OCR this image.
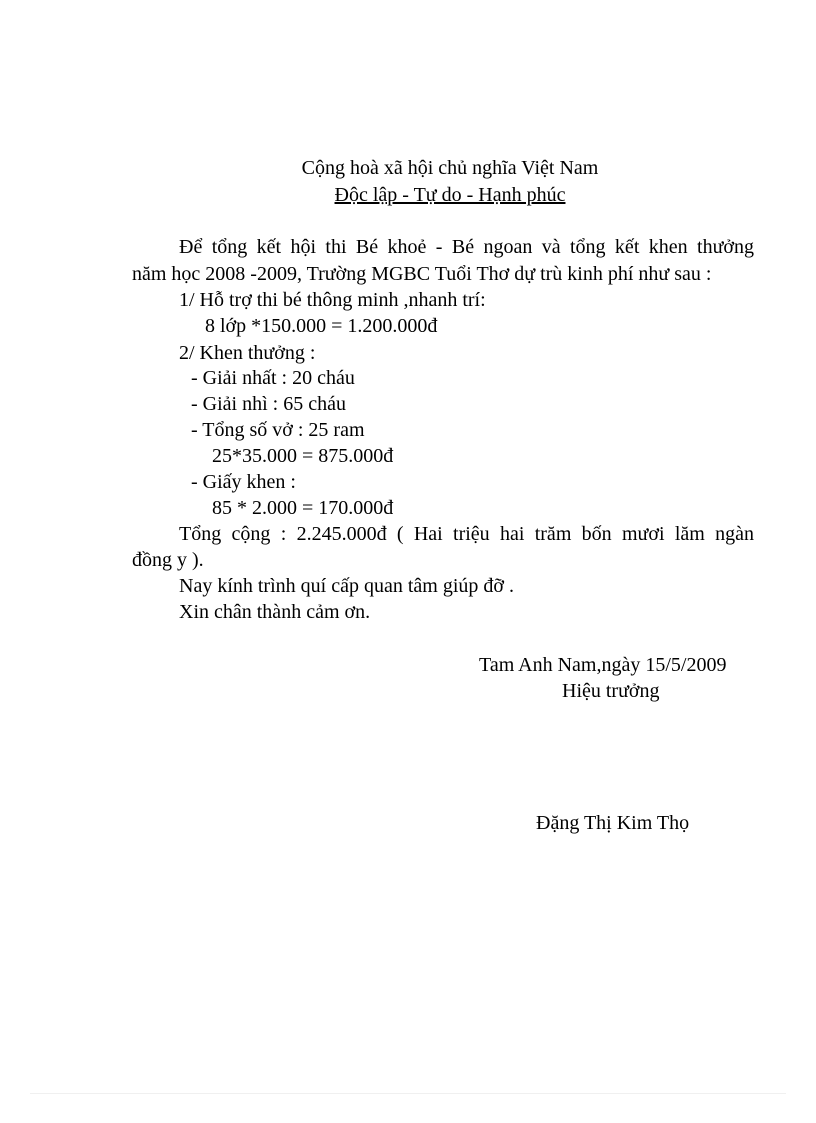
Cộng hoà xã hội chủ nghĩa Việt Nam
Độc lập - Tự do - Hạnh phúc
Để tổng kết hội thi Bé khoẻ - Bé ngoan và tổng kết khen thưởng
năm học 2008 -2009, Trường MGBC Tuổi Thơ dự trù kinh phí như sau :
1/ Hỗ trợ thi bé thông minh ,nhanh trí:
8 lớp *150.000 = 1.200.000đ
2/ Khen thưởng :
- Giải nhất : 20 cháu
- Giải nhì : 65 cháu
- Tổng số vở : 25 ram
25*35.000 = 875.000đ
- Giấy khen :
85 * 2.000 = 170.000đ
Tổng cộng : 2.245.000đ ( Hai triệu hai trăm bốn mươi lăm ngàn
đồng y ).
Nay kính trình quí cấp quan tâm giúp đỡ .
Xin chân thành cảm ơn.
Tam Anh Nam,ngày 15/5/2009
Hiệu trưởng
Đặng Thị Kim Thọ
